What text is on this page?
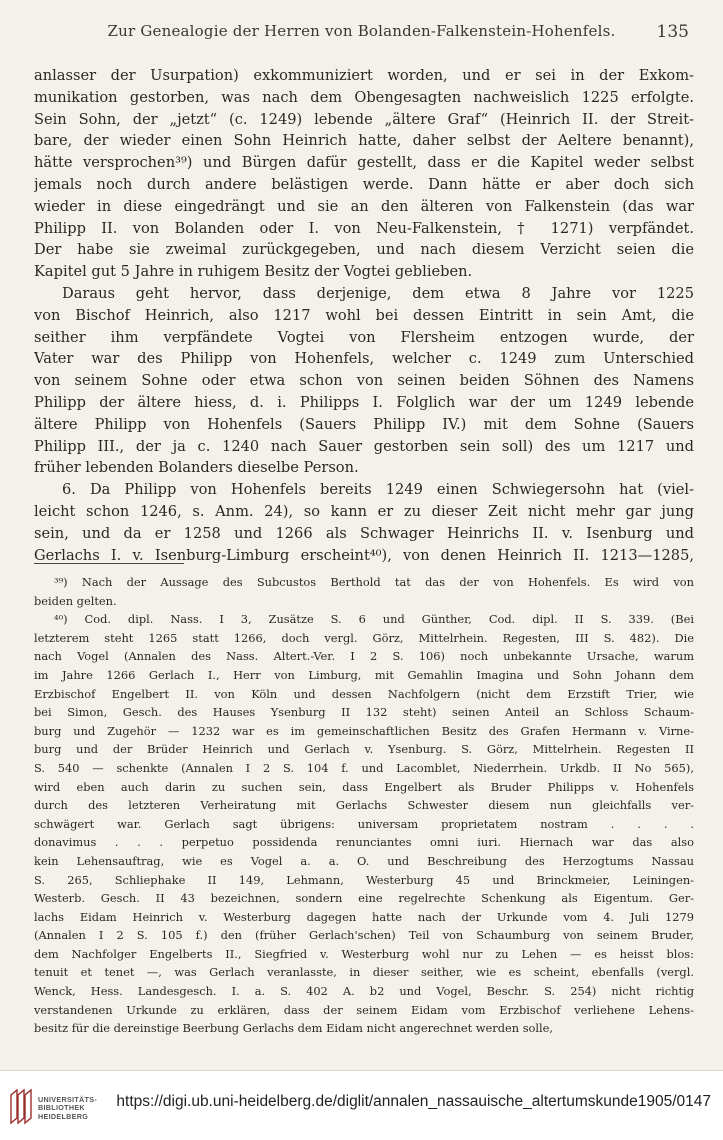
Zur Genealogie der Herren von Bolanden-Falkenstein-Hohenfels.	135
anlasser der Usurpation) exkommuniziert worden, und er sei in der Exkom-
munikation gestorben, was nach dem Obengesagten nachweislich 1225 erfolgte.
Sein Sohn, der „jetzt“ (c. 1249) lebende „ältere Graf“ (Heinrich II. der Streit-
bare, der wieder einen Sohn Heinrich hatte, daher selbst der Aeltere benannt),
hätte versprochen³⁹) und Bürgen dafür gestellt, dass er die Kapitel weder selbst
jemals noch durch andere belästigen werde. Dann hätte er aber doch sich
wieder in diese eingedrängt und sie an den älteren von Falkenstein (das war
Philipp II. von Bolanden oder I. von Neu-Falkenstein, † 1271) verpfändet.
Der habe sie zweimal zurückgegeben, und nach diesem Verzicht seien die
Kapitel gut 5 Jahre in ruhigem Besitz der Vogtei geblieben.
Daraus geht hervor, dass derjenige, dem etwa 8 Jahre vor 1225
von Bischof Heinrich, also 1217 wohl bei dessen Eintritt in sein Amt, die
seither ihm verpfändete Vogtei von Flersheim entzogen wurde, der
Vater war des Philipp von Hohenfels, welcher c. 1249 zum Unterschied
von seinem Sohne oder etwa schon von seinen beiden Söhnen des Namens
Philipp der ältere hiess, d. i. Philipps I. Folglich war der um 1249 lebende
ältere Philipp von Hohenfels (Sauers Philipp IV.) mit dem Sohne (Sauers
Philipp III., der ja c. 1240 nach Sauer gestorben sein soll) des um 1217 und
früher lebenden Bolanders dieselbe Person.
6. Da Philipp von Hohenfels bereits 1249 einen Schwiegersohn hat (viel-
leicht schon 1246, s. Anm. 24), so kann er zu dieser Zeit nicht mehr gar jung
sein, und da er 1258 und 1266 als Schwager Heinrichs II. v. Isenburg und
Gerlachs I. v. Isenburg-Limburg erscheint⁴⁰), von denen Heinrich II. 1213—1285,
³⁹) Nach der Aussage des Subcustos Berthold tat das der von Hohenfels. Es wird von
beiden gelten.
⁴⁰) Cod. dipl. Nass. I 3, Zusätze S. 6 und Günther, Cod. dipl. II S. 339. (Bei
letzterem steht 1265 statt 1266, doch vergl. Görz, Mittelrhein. Regesten, III S. 482). Die
nach Vogel (Annalen des Nass. Altert.-Ver. I 2 S. 106) noch unbekannte Ursache, warum
im Jahre 1266 Gerlach I., Herr von Limburg, mit Gemahlin Imagina und Sohn Johann dem
Erzbischof Engelbert II. von Köln und dessen Nachfolgern (nicht dem Erzstift Trier, wie
bei Simon, Gesch. des Hauses Ysenburg II 132 steht) seinen Anteil an Schloss Schaum-
burg und Zugehör — 1232 war es im gemeinschaftlichen Besitz des Grafen Hermann v. Virne-
burg und der Brüder Heinrich und Gerlach v. Ysenburg. S. Görz, Mittelrhein. Regesten II
S. 540 — schenkte (Annalen I 2 S. 104 f. und Lacomblet, Niederrhein. Urkdb. II No 565),
wird eben auch darin zu suchen sein, dass Engelbert als Bruder Philipps v. Hohenfels
durch des letzteren Verheiratung mit Gerlachs Schwester diesem nun gleichfalls ver-
schwägert war. Gerlach sagt übrigens: universam proprietatem nostram . . . .
donavimus . . . perpetuo possidenda renunciantes omni iuri. Hiernach war das also
kein Lehensauftrag, wie es Vogel a. a. O. und Beschreibung des Herzogtums Nassau
S. 265, Schliephake II 149, Lehmann, Westerburg 45 und Brinckmeier, Leiningen-
Westerb. Gesch. II 43 bezeichnen, sondern eine regelrechte Schenkung als Eigentum. Ger-
lachs Eidam Heinrich v. Westerburg dagegen hatte nach der Urkunde vom 4. Juli 1279
(Annalen I 2 S. 105 f.) den (früher Gerlach'schen) Teil von Schaumburg von seinem Bruder,
dem Nachfolger Engelberts II., Siegfried v. Westerburg wohl nur zu Lehen — es heisst blos:
tenuit et tenet —, was Gerlach veranlasste, in dieser seither, wie es scheint, ebenfalls (vergl.
Wenck, Hess. Landesgesch. I. a. S. 402 A. b2 und Vogel, Beschr. S. 254) nicht richtig
verstandenen Urkunde zu erklären, dass der seinem Eidam vom Erzbischof verliehene Lehens-
besitz für die dereinstige Beerbung Gerlachs dem Eidam nicht angerechnet werden solle,
UNIVERSITÄTS-
BIBLIOTHEK
HEIDELBERG
https://digi.ub.uni-heidelberg.de/diglit/annalen_nassauische_altertumskunde1905/0147
